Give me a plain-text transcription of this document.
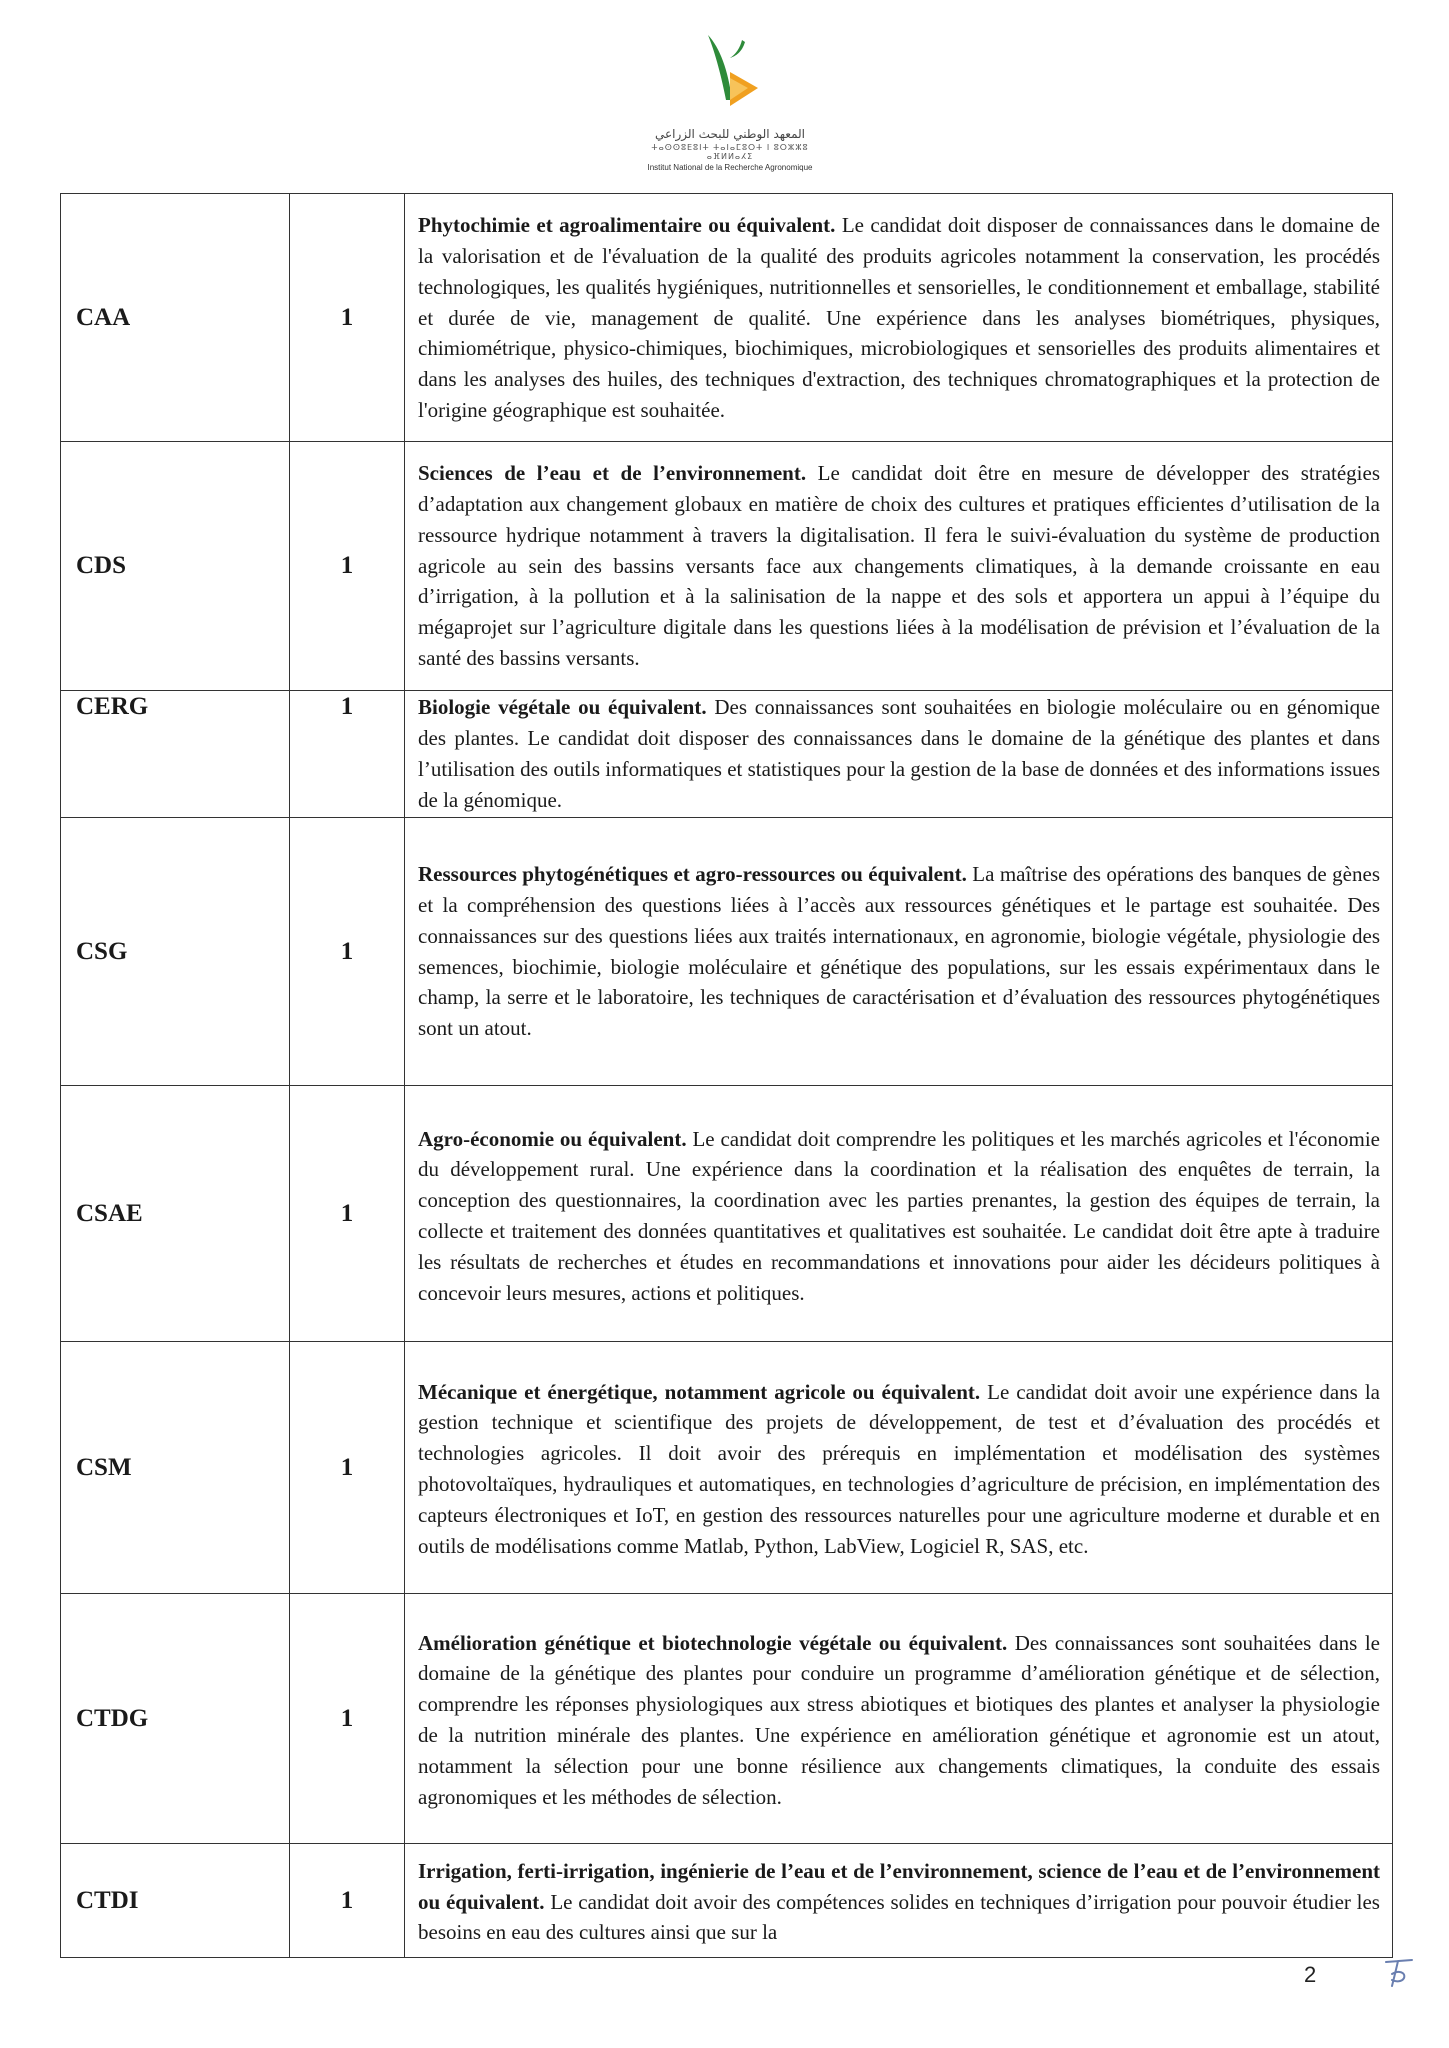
المعهد الوطني للبحث الزراعي
ⵜⴰⵙⵙⵓⴹⵓⵏⵜ ⵜⴰⵏⴰⵎⵓⵔⵜ ⵏ ⵓⵔⵣⵣⵓ ⴰⴼⵍⵍⴰⵃⵉ
Institut National de la Recherche Agronomique
CAA	1	Phytochimie et agroalimentaire ou équivalent. Le candidat doit disposer de connaissances dans le domaine de la valorisation et de l'évaluation de la qualité des produits agricoles notamment la conservation, les procédés technologiques, les qualités hygiéniques, nutritionnelles et sensorielles, le conditionnement et emballage, stabilité et durée de vie, management de qualité. Une expérience dans les analyses biométriques, physiques, chimiométrique, physico-chimiques, biochimiques, microbiologiques et sensorielles des produits alimentaires et dans les analyses des huiles, des techniques d'extraction, des techniques chromatographiques et la protection de l'origine géographique est souhaitée.
CDS	1	Sciences de l’eau et de l’environnement. Le candidat doit être en mesure de développer des stratégies d’adaptation aux changement globaux en matière de choix des cultures et pratiques efficientes d’utilisation de la ressource hydrique notamment à travers la digitalisation. Il fera le suivi-évaluation du système de production agricole au sein des bassins versants face aux changements climatiques, à la demande croissante en eau d’irrigation, à la pollution et à la salinisation de la nappe et des sols et apportera un appui à l’équipe du mégaprojet sur l’agriculture digitale dans les questions liées à la modélisation de prévision et l’évaluation de la santé des bassins versants.
CERG	1	Biologie végétale ou équivalent. Des connaissances sont souhaitées en biologie moléculaire ou en génomique des plantes. Le candidat doit disposer des connaissances dans le domaine de la génétique des plantes et dans l’utilisation des outils informatiques et statistiques pour la gestion de la base de données et des informations issues de la génomique.
CSG	1	Ressources phytogénétiques et agro-ressources ou équivalent. La maîtrise des opérations des banques de gènes et la compréhension des questions liées à l’accès aux ressources génétiques et le partage est souhaitée. Des connaissances sur des questions liées aux traités internationaux, en agronomie, biologie végétale, physiologie des semences, biochimie, biologie moléculaire et génétique des populations, sur les essais expérimentaux dans le champ, la serre et le laboratoire, les techniques de caractérisation et d’évaluation des ressources phytogénétiques sont un atout.
CSAE	1	Agro-économie ou équivalent. Le candidat doit comprendre les politiques et les marchés agricoles et l'économie du développement rural. Une expérience dans la coordination et la réalisation des enquêtes de terrain, la conception des questionnaires, la coordination avec les parties prenantes, la gestion des équipes de terrain, la collecte et traitement des données quantitatives et qualitatives est souhaitée. Le candidat doit être apte à traduire les résultats de recherches et études en recommandations et innovations pour aider les décideurs politiques à concevoir leurs mesures, actions et politiques.
CSM	1	Mécanique et énergétique, notamment agricole ou équivalent. Le candidat doit avoir une expérience dans la gestion technique et scientifique des projets de développement, de test et d’évaluation des procédés et technologies agricoles. Il doit avoir des prérequis en implémentation et modélisation des systèmes photovoltaïques, hydrauliques et automatiques, en technologies d’agriculture de précision, en implémentation des capteurs électroniques et IoT, en gestion des ressources naturelles pour une agriculture moderne et durable et en outils de modélisations comme Matlab, Python, LabView, Logiciel R, SAS, etc.
CTDG	1	Amélioration génétique et biotechnologie végétale ou équivalent. Des connaissances sont souhaitées dans le domaine de la génétique des plantes pour conduire un programme d’amélioration génétique et de sélection, comprendre les réponses physiologiques aux stress abiotiques et biotiques des plantes et analyser la physiologie de la nutrition minérale des plantes. Une expérience en amélioration génétique et agronomie est un atout, notamment la sélection pour une bonne résilience aux changements climatiques, la conduite des essais agronomiques et les méthodes de sélection.
CTDI	1	Irrigation, ferti-irrigation, ingénierie de l’eau et de l’environnement, science de l’eau et de l’environnement ou équivalent. Le candidat doit avoir des compétences solides en techniques d’irrigation pour pouvoir étudier les besoins en eau des cultures ainsi que sur la
2
